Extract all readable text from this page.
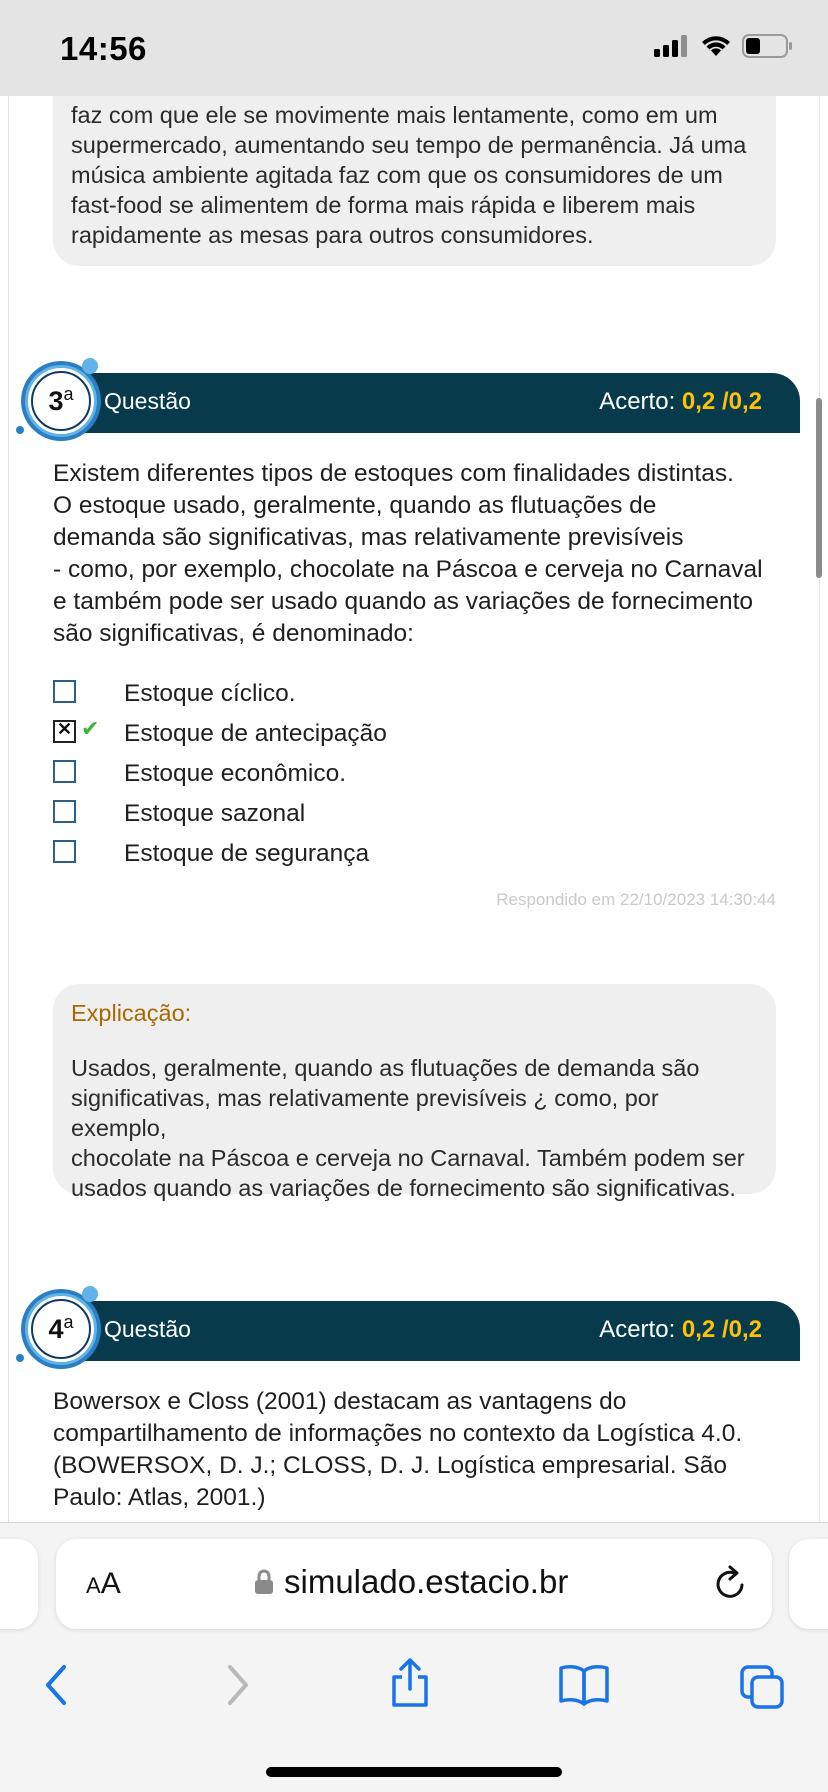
14:56
faz com que ele se movimente mais lentamente, como em um
supermercado, aumentando seu tempo de permanência. Já uma
música ambiente agitada faz com que os consumidores de um
fast-food se alimentem de forma mais rápida e liberem mais
rapidamente as mesas para outros consumidores.
Questão	Acerto: 0,2 /0,2
3$^a$
Existem diferentes tipos de estoques com finalidades distintas.
O estoque usado, geralmente, quando as flutuações de
demanda são significativas, mas relativamente previsíveis
- como, por exemplo, chocolate na Páscoa e cerveja no Carnaval
e também pode ser usado quando as variações de fornecimento
são significativas, é denominado:
Estoque cíclico.
✕
✔ Estoque de antecipação
Estoque econômico.
Estoque sazonal
Estoque de segurança
Respondido em 22/10/2023 14:30:44
Explicação:
Usados, geralmente, quando as flutuações de demanda são
significativas, mas relativamente previsíveis ¿ como, por exemplo,
chocolate na Páscoa e cerveja no Carnaval. Também podem ser
usados quando as variações de fornecimento são significativas.
Questão	Acerto: 0,2 /0,2
4$^a$
Bowersox e Closs (2001) destacam as vantagens do
compartilhamento de informações no contexto da Logística 4.0.
(BOWERSOX, D. J.; CLOSS, D. J. Logística empresarial. São
Paulo: Atlas, 2001.)
AA	simulado.estacio.br
